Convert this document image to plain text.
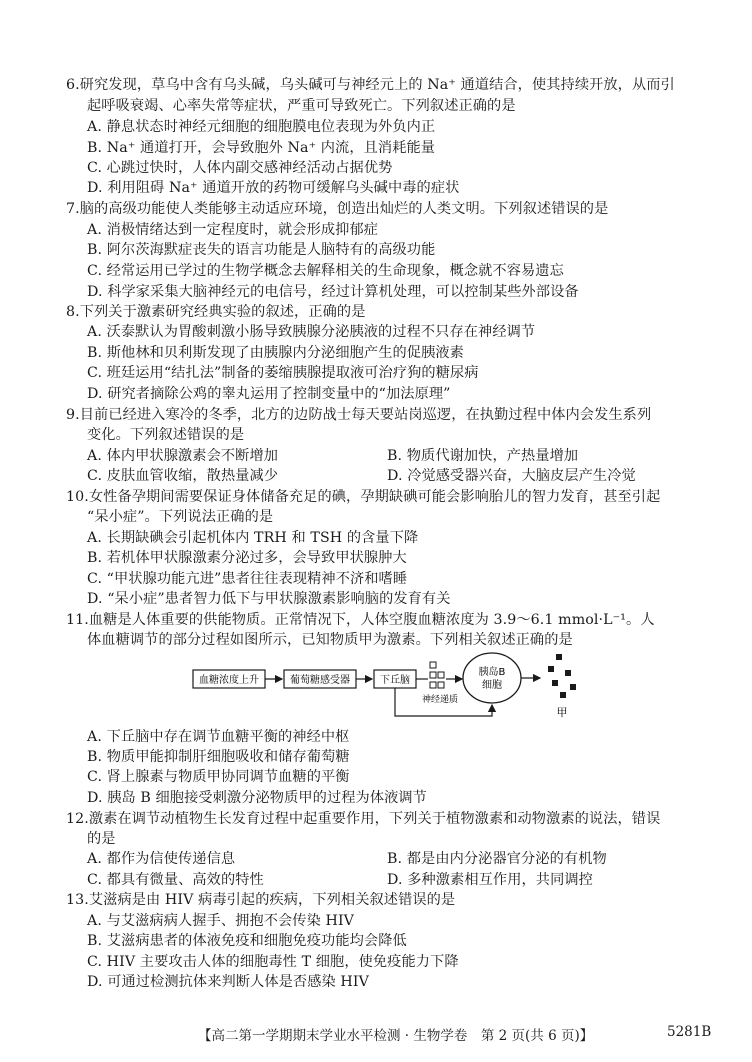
6.研究发现，草乌中含有乌头碱，乌头碱可与神经元上的 Na⁺ 通道结合，使其持续开放，从而引
起呼吸衰竭、心率失常等症状，严重可导致死亡。下列叙述正确的是
A. 静息状态时神经元细胞的细胞膜电位表现为外负内正
B. Na⁺ 通道打开，会导致胞外 Na⁺ 内流，且消耗能量
C. 心跳过快时，人体内副交感神经活动占据优势
D. 利用阻碍 Na⁺ 通道开放的药物可缓解乌头碱中毒的症状
7.脑的高级功能使人类能够主动适应环境，创造出灿烂的人类文明。下列叙述错误的是
A. 消极情绪达到一定程度时，就会形成抑郁症
B. 阿尔茨海默症丧失的语言功能是人脑特有的高级功能
C. 经常运用已学过的生物学概念去解释相关的生命现象，概念就不容易遗忘
D. 科学家采集大脑神经元的电信号，经过计算机处理，可以控制某些外部设备
8.下列关于激素研究经典实验的叙述，正确的是
A. 沃泰默认为胃酸刺激小肠导致胰腺分泌胰液的过程不只存在神经调节
B. 斯他林和贝利斯发现了由胰腺内分泌细胞产生的促胰液素
C. 班廷运用“结扎法”制备的萎缩胰腺提取液可治疗狗的糖尿病
D. 研究者摘除公鸡的睾丸运用了控制变量中的“加法原理”
9.目前已经进入寒冷的冬季，北方的边防战士每天要站岗巡逻，在执勤过程中体内会发生系列
变化。下列叙述错误的是
A. 体内甲状腺激素会不断增加	B. 物质代谢加快，产热量增加
C. 皮肤血管收缩，散热量减少	D. 冷觉感受器兴奋，大脑皮层产生冷觉
10.女性备孕期间需要保证身体储备充足的碘，孕期缺碘可能会影响胎儿的智力发育，甚至引起
“呆小症”。下列说法正确的是
A. 长期缺碘会引起机体内 TRH 和 TSH 的含量下降
B. 若机体甲状腺激素分泌过多，会导致甲状腺肿大
C. “甲状腺功能亢进”患者往往表现精神不济和嗜睡
D. “呆小症”患者智力低下与甲状腺激素影响脑的发育有关
11.血糖是人体重要的供能物质。正常情况下，人体空腹血糖浓度为 3.9～6.1 mmol·L⁻¹。人
体血糖调节的部分过程如图所示，已知物质甲为激素。下列相关叙述正确的是
血糖浓度上升	葡萄糖感受器	下丘脑
神经递质
胰岛B
细胞
甲
A. 下丘脑中存在调节血糖平衡的神经中枢
B. 物质甲能抑制肝细胞吸收和储存葡萄糖
C. 肾上腺素与物质甲协同调节血糖的平衡
D. 胰岛 B 细胞接受刺激分泌物质甲的过程为体液调节
12.激素在调节动植物生长发育过程中起重要作用，下列关于植物激素和动物激素的说法，错误
的是
A. 都作为信使传递信息	B. 都是由内分泌器官分泌的有机物
C. 都具有微量、高效的特性	D. 多种激素相互作用，共同调控
13.艾滋病是由 HIV 病毒引起的疾病，下列相关叙述错误的是
A. 与艾滋病病人握手、拥抱不会传染 HIV
B. 艾滋病患者的体液免疫和细胞免疫功能均会降低
C. HIV 主要攻击人体的细胞毒性 T 细胞，使免疫能力下降
D. 可通过检测抗体来判断人体是否感染 HIV
【高二第一学期期末学业水平检测 · 生物学卷　第 2 页(共 6 页)】	5281B
